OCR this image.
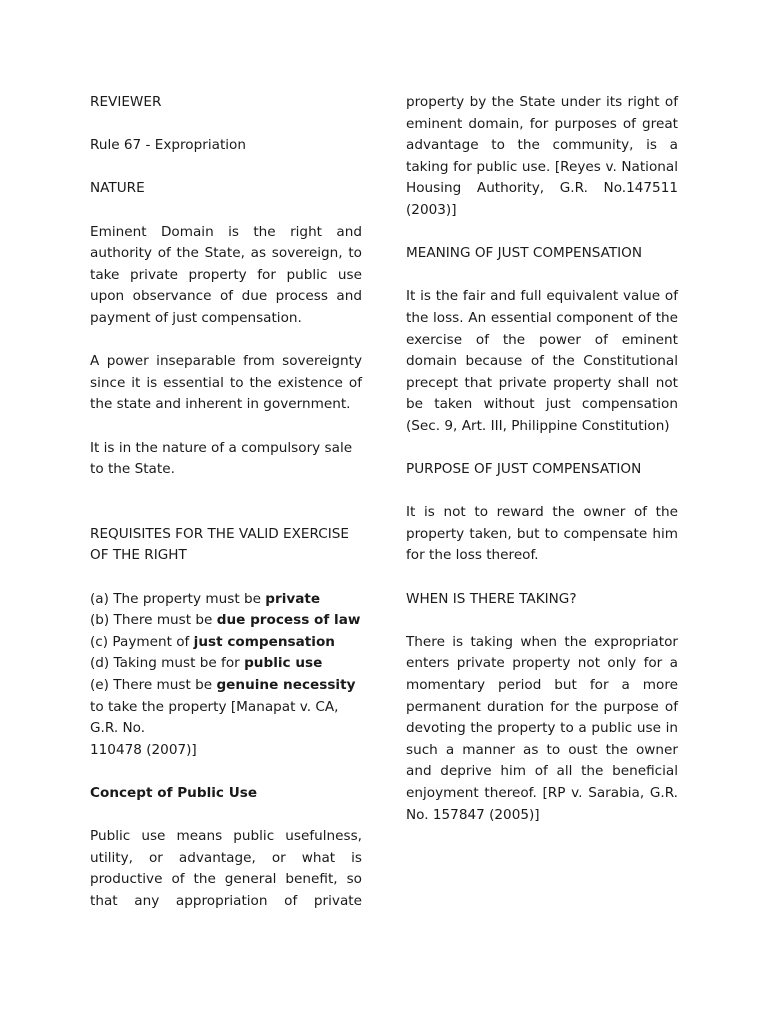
REVIEWER
Rule 67 - Expropriation
NATURE

Eminent Domain is the right and authority of the State, as sovereign, to take private property for public use upon observance of due process and payment of just compensation.

A power inseparable from sovereignty since it is essential to the existence of the state and inherent in government.

It is in the nature of a compulsory sale to the State.

REQUISITES FOR THE VALID EXERCISE OF THE RIGHT
(a) The property must be private
(b) There must be due process of law
(c) Payment of just compensation
(d) Taking must be for public use
(e) There must be genuine necessity
to take the property [Manapat v. CA,
G.R. No.
110478 (2007)]
Concept of Public Use

Public use means public usefulness, utility, or advantage, or what is productive of the general benefit, so that any appropriation of private

property by the State under its right of eminent domain, for purposes of great advantage to the community, is a taking for public use. [Reyes v. National Housing Authority, G.R. No.147511 (2003)]

MEANING OF JUST COMPENSATION

It is the fair and full equivalent value of the loss. An essential component of the exercise of the power of eminent domain because of the Constitutional precept that private property shall not be taken without just compensation (Sec. 9, Art. III, Philippine Constitution)

PURPOSE OF JUST COMPENSATION

It is not to reward the owner of the property taken, but to compensate him for the loss thereof.

WHEN IS THERE TAKING?

There is taking when the expropriator enters private property not only for a momentary period but for a more permanent duration for the purpose of devoting the property to a public use in such a manner as to oust the owner and deprive him of all the beneficial enjoyment thereof. [RP v. Sarabia, G.R. No. 157847 (2005)]
